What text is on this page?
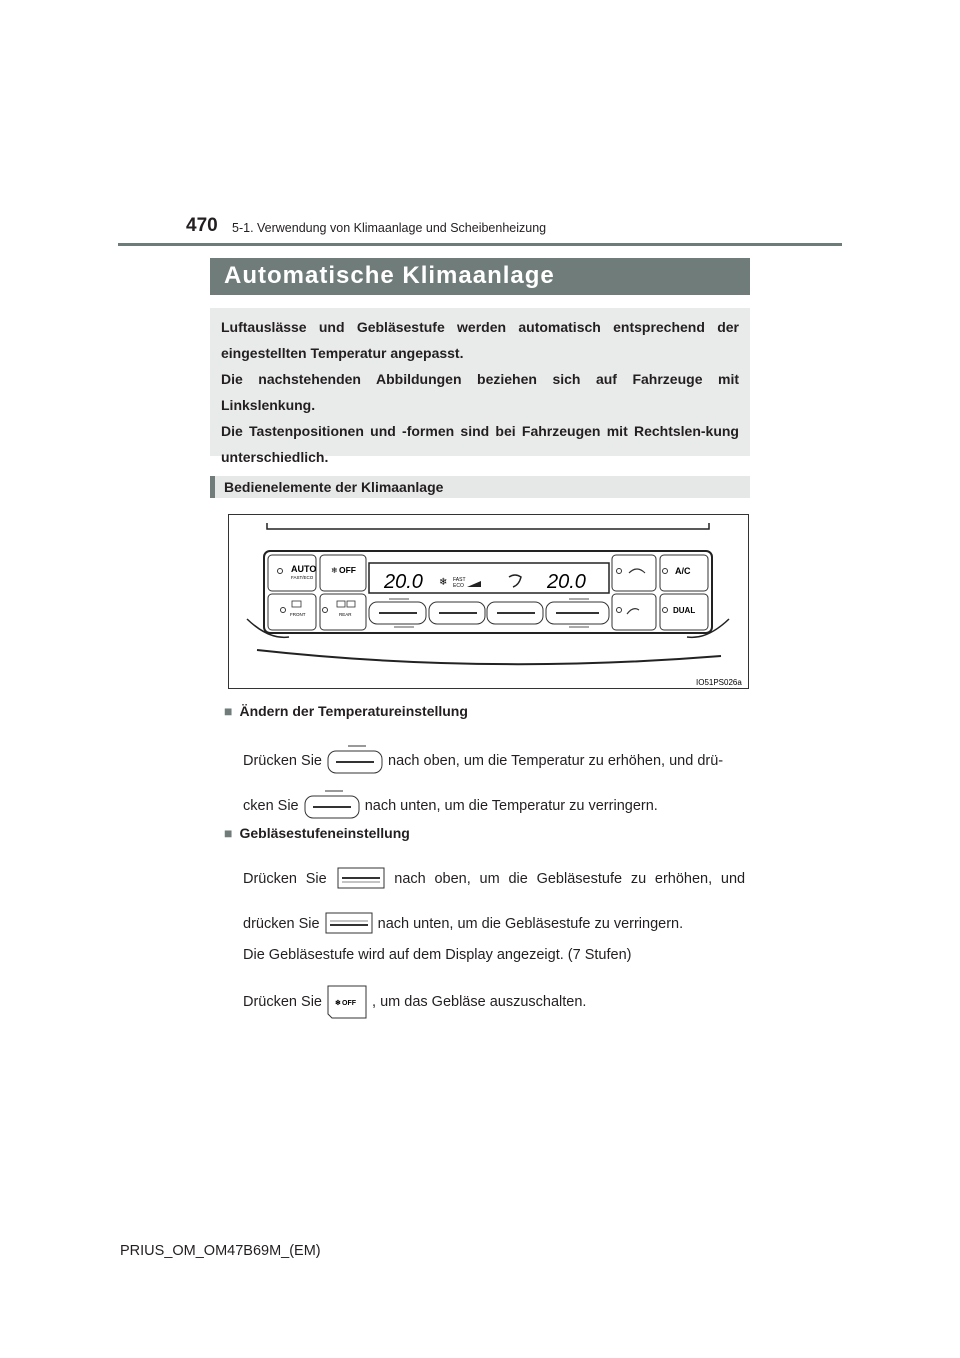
470 5-1. Verwendung von Klimaanlage und Scheibenheizung
Automatische Klimaanlage

Luftauslässe und Gebläsestufe werden automatisch entsprechend der eingestellten Temperatur angepasst.

Die nachstehenden Abbildungen beziehen sich auf Fahrzeuge mit Linkslenkung.

Die Tastenpositionen und -formen sind bei Fahrzeugen mit Rechtslen-kung unterschiedlich.

Bedienelemente der Klimaanlage
AUTO
FAST/ECO
OFF
❄
FRONT	REAR
20.0 ❄ FAST
ECO	20.0	A/C
DUAL
IO51PS026a
■ Ändern der Temperatureinstellung
Drücken Sie	nach oben, um die Temperatur zu erhöhen, und drü-
cken Sie	nach unten, um die Temperatur zu verringern.
■ Gebläsestufeneinstellung
Drücken Sie	nach oben, um die Gebläsestufe zu erhöhen, und
drücken Sie	nach unten, um die Gebläsestufe zu verringern.
Die Gebläsestufe wird auf dem Display angezeigt. (7 Stufen)
Drücken Sie ❄ OFF , um das Gebläse auszuschalten.
PRIUS_OM_OM47B69M_(EM)
